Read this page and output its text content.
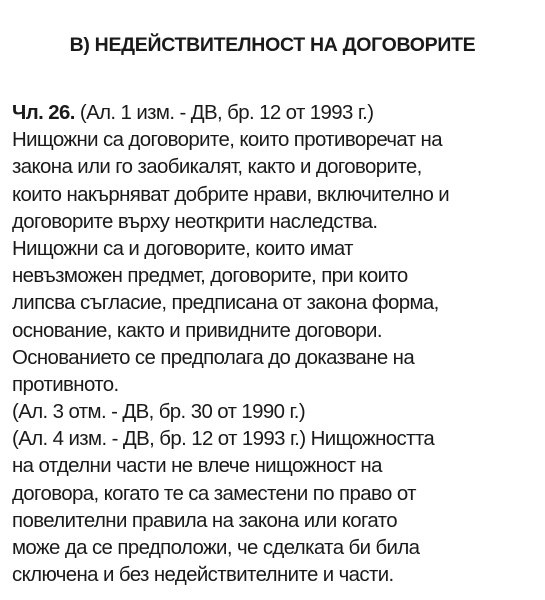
В) НЕДЕЙСТВИТЕЛНОСТ НА ДОГОВОРИТЕ
Чл. 26. (Ал. 1 изм. - ДВ, бр. 12 от 1993 г.)
Нищожни са договорите, които противоречат на
закона или го заобикалят, както и договорите,
които накърняват добрите нрави, включително и
договорите върху неоткрити наследства.
Нищожни са и договорите, които имат
невъзможен предмет, договорите, при които
липсва съгласие, предписана от закона форма,
основание, както и привидните договори.
Основанието се предполага до доказване на
противното.
(Ал. 3 отм. - ДВ, бр. 30 от 1990 г.)
(Ал. 4 изм. - ДВ, бр. 12 от 1993 г.) Нищожността
на отделни части не влече нищожност на
договора, когато те са заместени по право от
повелителни правила на закона или когато
може да се предположи, че сделката би била
сключена и без недействителните и части.
